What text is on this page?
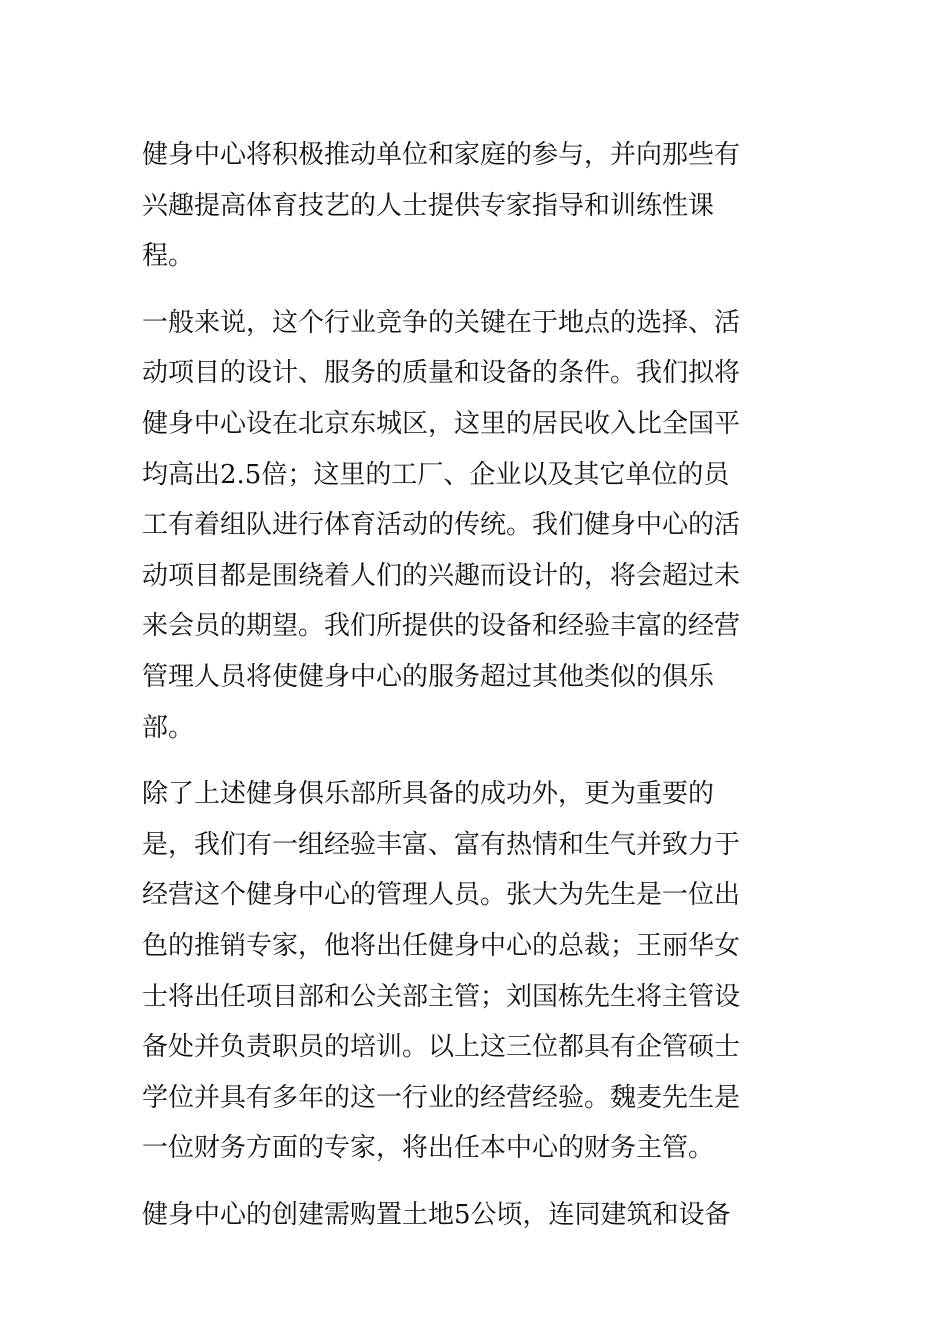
健身中心将积极推动单位和家庭的参与，并向那些有兴趣提高体育技艺的人士提供专家指导和训练性课程。

一般来说，这个行业竞争的关键在于地点的选择、活动项目的设计、服务的质量和设备的条件。我们拟将健身中心设在北京东城区，这里的居民收入比全国平均高出2.5倍；这里的工厂、企业以及其它单位的员工有着组队进行体育活动的传统。我们健身中心的活动项目都是围绕着人们的兴趣而设计的，将会超过未来会员的期望。我们所提供的设备和经验丰富的经营管理人员将使健身中心的服务超过其他类似的俱乐部。

除了上述健身俱乐部所具备的成功外，更为重要的是，我们有一组经验丰富、富有热情和生气并致力于经营这个健身中心的管理人员。张大为先生是一位出色的推销专家，他将出任健身中心的总裁；王丽华女士将出任项目部和公关部主管；刘国栋先生将主管设备处并负责职员的培训。以上这三位都具有企管硕士学位并具有多年的这一行业的经营经验。魏麦先生是一位财务方面的专家，将出任本中心的财务主管。

健身中心的创建需购置土地5公顷，连同建筑和设备
